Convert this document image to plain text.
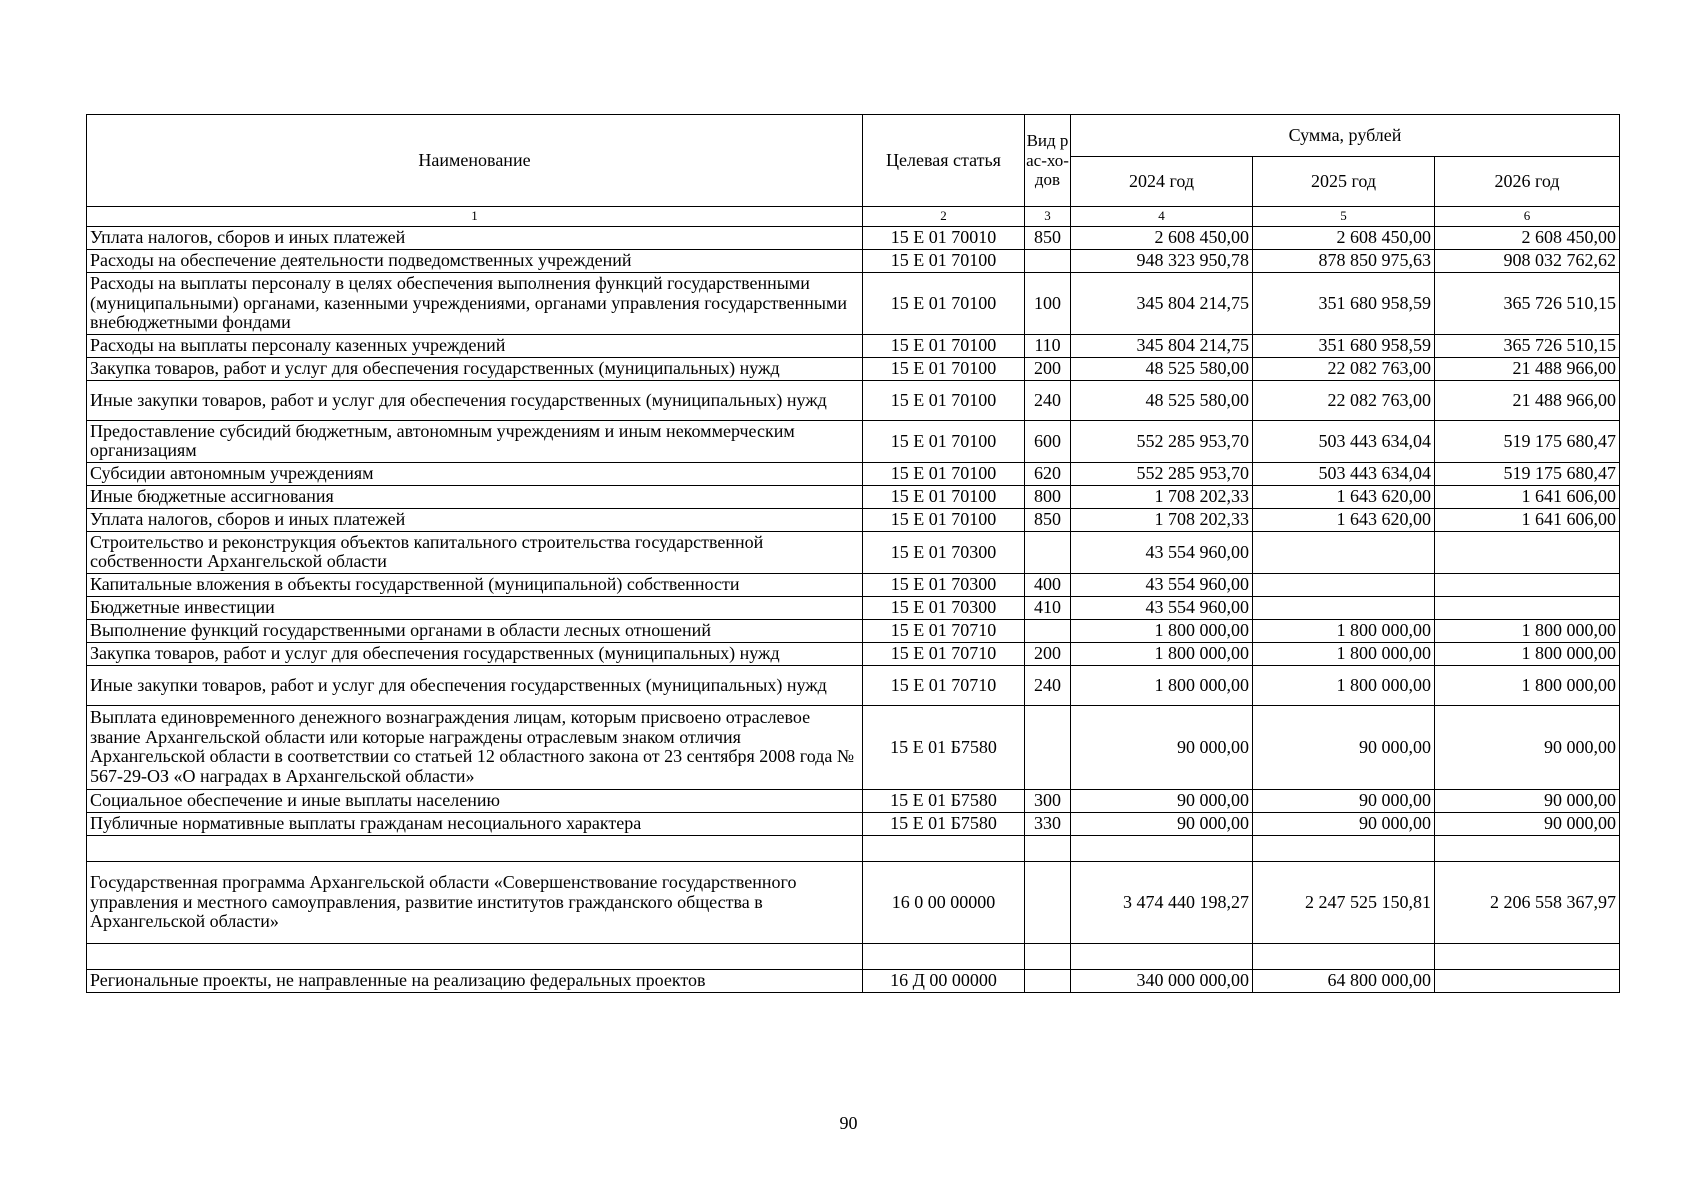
Наименование	Целевая статья	Вид рас-хо-дов	Сумма, рублей		
			2024 год	2025 год	2026 год
1	2	3	4	5	6
Уплата налогов, сборов и иных платежей	15 Е 01 70010	850	2 608 450,00	2 608 450,00	2 608 450,00
Расходы на обеспечение деятельности подведомственных учреждений	15 Е 01 70100		948 323 950,78	878 850 975,63	908 032 762,62
Расходы на выплаты персоналу в целях обеспечения выполнения функций государственными (муниципальными) органами, казенными учреждениями, органами управления государственными внебюджетными фондами	15 Е 01 70100	100	345 804 214,75	351 680 958,59	365 726 510,15
Расходы на выплаты персоналу казенных учреждений	15 Е 01 70100	110	345 804 214,75	351 680 958,59	365 726 510,15
Закупка товаров, работ и услуг для обеспечения государственных (муниципальных) нужд	15 Е 01 70100	200	48 525 580,00	22 082 763,00	21 488 966,00
Иные закупки товаров, работ и услуг для обеспечения государственных (муниципальных) нужд	15 Е 01 70100	240	48 525 580,00	22 082 763,00	21 488 966,00
Предоставление субсидий бюджетным, автономным учреждениям и иным некоммерческим организациям	15 Е 01 70100	600	552 285 953,70	503 443 634,04	519 175 680,47
Субсидии автономным учреждениям	15 Е 01 70100	620	552 285 953,70	503 443 634,04	519 175 680,47
Иные бюджетные ассигнования	15 Е 01 70100	800	1 708 202,33	1 643 620,00	1 641 606,00
Уплата налогов, сборов и иных платежей	15 Е 01 70100	850	1 708 202,33	1 643 620,00	1 641 606,00
Строительство и реконструкция объектов капитального строительства государственной собственности Архангельской области	15 Е 01 70300		43 554 960,00		
Капитальные вложения в объекты государственной (муниципальной) собственности	15 Е 01 70300	400	43 554 960,00		
Бюджетные инвестиции	15 Е 01 70300	410	43 554 960,00		
Выполнение функций государственными органами в области лесных отношений	15 Е 01 70710		1 800 000,00	1 800 000,00	1 800 000,00
Закупка товаров, работ и услуг для обеспечения государственных (муниципальных) нужд	15 Е 01 70710	200	1 800 000,00	1 800 000,00	1 800 000,00
Иные закупки товаров, работ и услуг для обеспечения государственных (муниципальных) нужд	15 Е 01 70710	240	1 800 000,00	1 800 000,00	1 800 000,00
Выплата единовременного денежного вознаграждения лицам, которым присвоено отраслевое звание Архангельской области или которые награждены отраслевым знаком отличия Архангельской области в соответствии со статьей 12 областного закона от 23 сентября 2008 года № 567-29-ОЗ «О наградах в Архангельской области»	15 Е 01 Б7580		90 000,00	90 000,00	90 000,00
Социальное обеспечение и иные выплаты населению	15 Е 01 Б7580	300	90 000,00	90 000,00	90 000,00
Публичные нормативные выплаты гражданам несоциального характера	15 Е 01 Б7580	330	90 000,00	90 000,00	90 000,00

Государственная программа Архангельской области «Совершенствование государственного управления и местного самоуправления, развитие институтов гражданского общества в Архангельской области»	16 0 00 00000		3 474 440 198,27	2 247 525 150,81	2 206 558 367,97

Региональные проекты, не направленные на реализацию федеральных проектов	16 Д 00 00000		340 000 000,00	64 800 000,00	
90
